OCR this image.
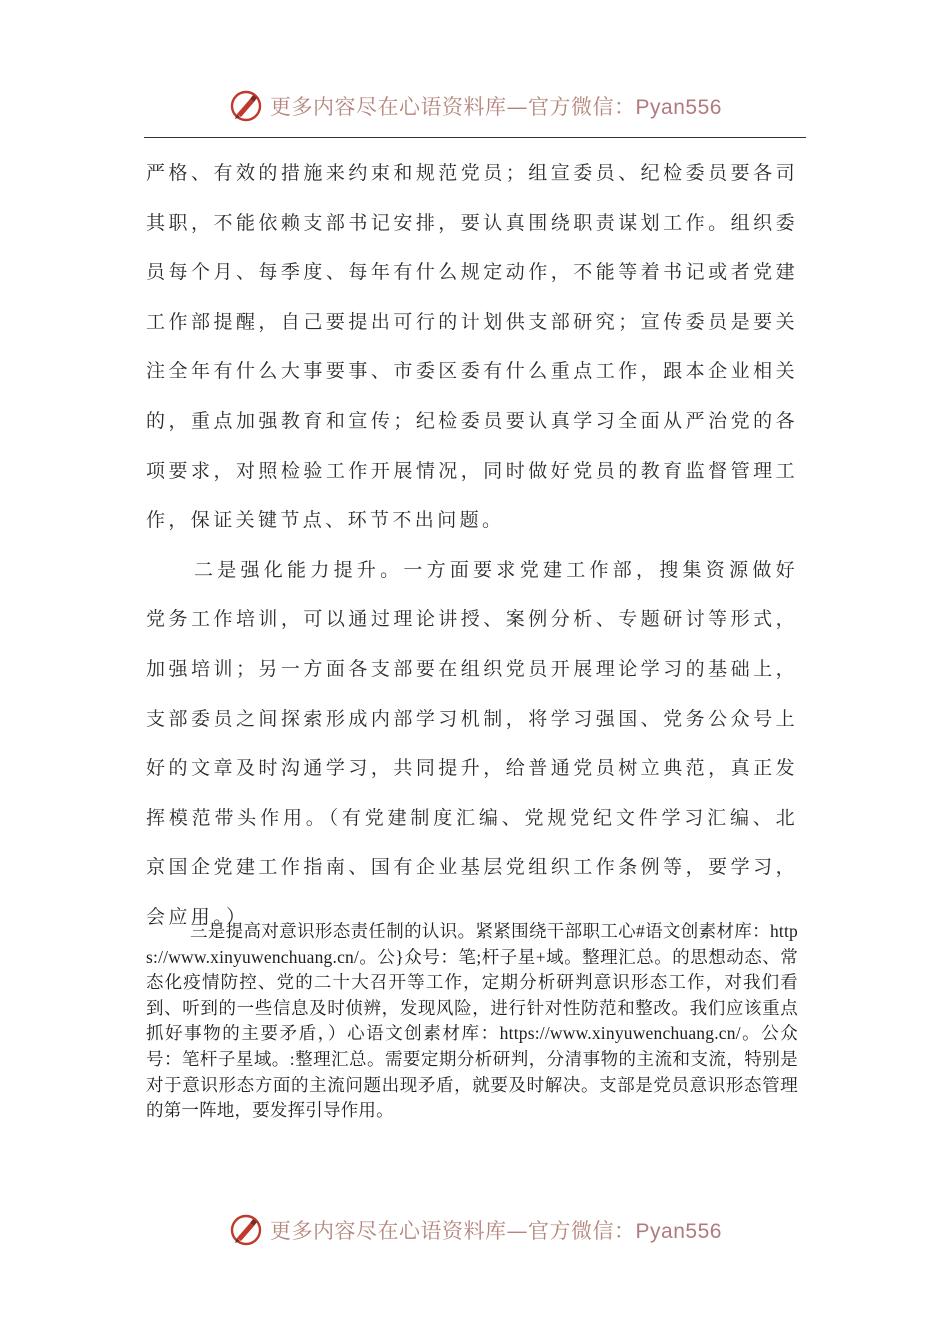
更多内容尽在心语资料库—官方微信：Pyan556

严格、有效的措施来约束和规范党员；组宣委员、纪检委员要各司其职，不能依赖支部书记安排，要认真围绕职责谋划工作。组织委员每个月、每季度、每年有什么规定动作，不能等着书记或者党建工作部提醒，自己要提出可行的计划供支部研究；宣传委员是要关注全年有什么大事要事、市委区委有什么重点工作，跟本企业相关的，重点加强教育和宣传；纪检委员要认真学习全面从严治党的各项要求，对照检验工作开展情况，同时做好党员的教育监督管理工作，保证关键节点、环节不出问题。

二是强化能力提升。一方面要求党建工作部，搜集资源做好党务工作培训，可以通过理论讲授、案例分析、专题研讨等形式，加强培训；另一方面各支部要在组织党员开展理论学习的基础上，支部委员之间探索形成内部学习机制，将学习强国、党务公众号上好的文章及时沟通学习，共同提升，给普通党员树立典范，真正发挥模范带头作用。（有党建制度汇编、党规党纪文件学习汇编、北京国企党建工作指南、国有企业基层党组织工作条例等，要学习，会应用。）

三是提高对意识形态责任制的认识。紧紧围绕干部职工心#语文创素材库：https://www.xinyuwenchuang.cn/。公}众号：笔;杆子星+域。整理汇总。的思想动态、常态化疫情防控、党的二十大召开等工作，定期分析研判意识形态工作，对我们看到、听到的一些信息及时侦辨，发现风险，进行针对性防范和整改。我们应该重点抓好事物的主要矛盾，）心语文创素材库：https://www.xinyuwenchuang.cn/。公众号：笔杆子星域。:整理汇总。需要定期分析研判，分清事物的主流和支流，特别是对于意识形态方面的主流问题出现矛盾，就要及时解决。支部是党员意识形态管理的第一阵地，要发挥引导作用。

更多内容尽在心语资料库—官方微信：Pyan556
